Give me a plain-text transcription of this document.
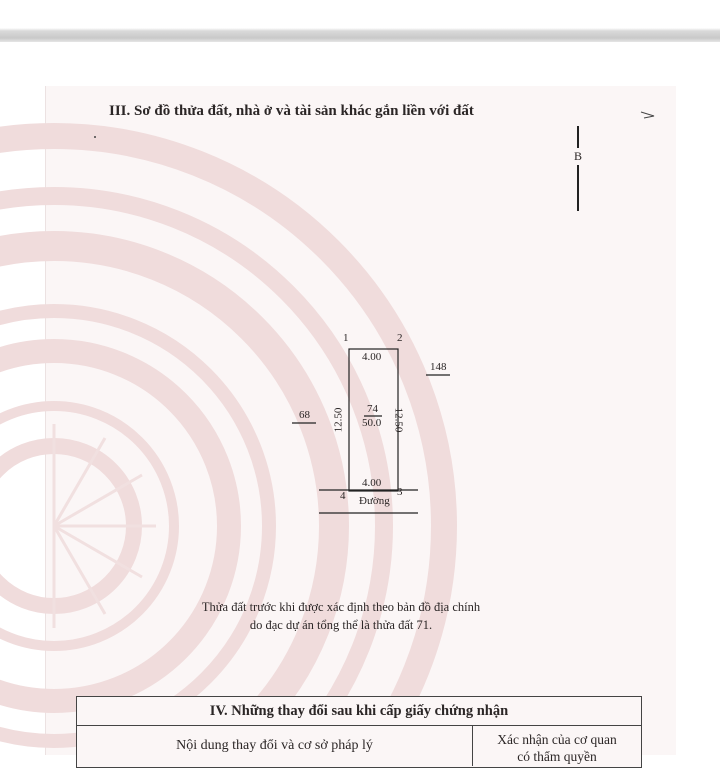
III. Sơ đồ thửa đất, nhà ở và tài sản khác gắn liền với đất
B
1	2
3
4
4.00
4.00
12.50	12.50
74
50.0
68
148
Đường
Thửa đất trước khi được xác định theo bản đồ địa chính
do đạc dự án tổng thể là thửa đất 71.
IV. Những thay đổi sau khi cấp giấy chứng nhận
Nội dung thay đổi và cơ sở pháp lý	Xác nhận của cơ quan
có thẩm quyền
